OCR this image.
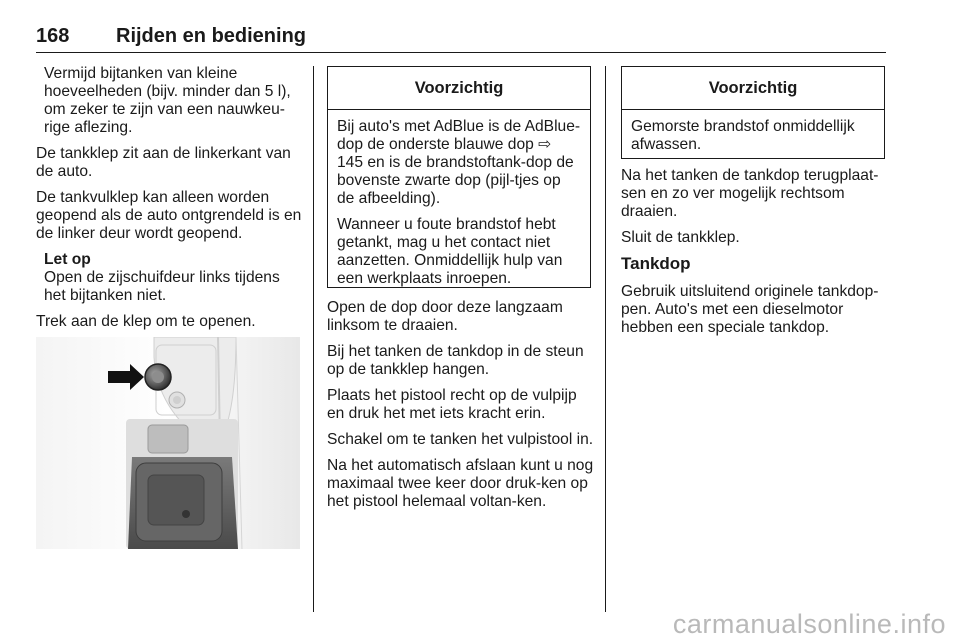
168 Rijden en bediening

Vermijd bijtanken van kleine hoeveelheden (bijv. minder dan 5 l), om zeker te zijn van een nauwkeu-rige aflezing.

De tankklep zit aan de linkerkant van de auto.

De tankvulklep kan alleen worden geopend als de auto ontgrendeld is en de linker deur wordt geopend.

Let op
Open de zijschuifdeur links tijdens het bijtanken niet.

Trek aan de klep om te openen.

Voorzichtig

Bij auto's met AdBlue is de AdBlue-dop de onderste blauwe dop ⇨ 145 en is de brandstoftank-dop de bovenste zwarte dop (pijl-tjes op de afbeelding).

Wanneer u foute brandstof hebt getankt, mag u het contact niet aanzetten. Onmiddellijk hulp van een werkplaats inroepen.

Open de dop door deze langzaam linksom te draaien.

Bij het tanken de tankdop in de steun op de tankklep hangen.

Plaats het pistool recht op de vulpijp en druk het met iets kracht erin.

Schakel om te tanken het vulpistool in.

Na het automatisch afslaan kunt u nog maximaal twee keer door druk-ken op het pistool helemaal voltan-ken.

Voorzichtig

Gemorste brandstof onmiddellijk afwassen.

Na het tanken de tankdop terugplaat-sen en zo ver mogelijk rechtsom draaien.

Sluit de tankklep.

Tankdop

Gebruik uitsluitend originele tankdop-pen. Auto's met een dieselmotor hebben een speciale tankdop.

carmanualsonline.info
